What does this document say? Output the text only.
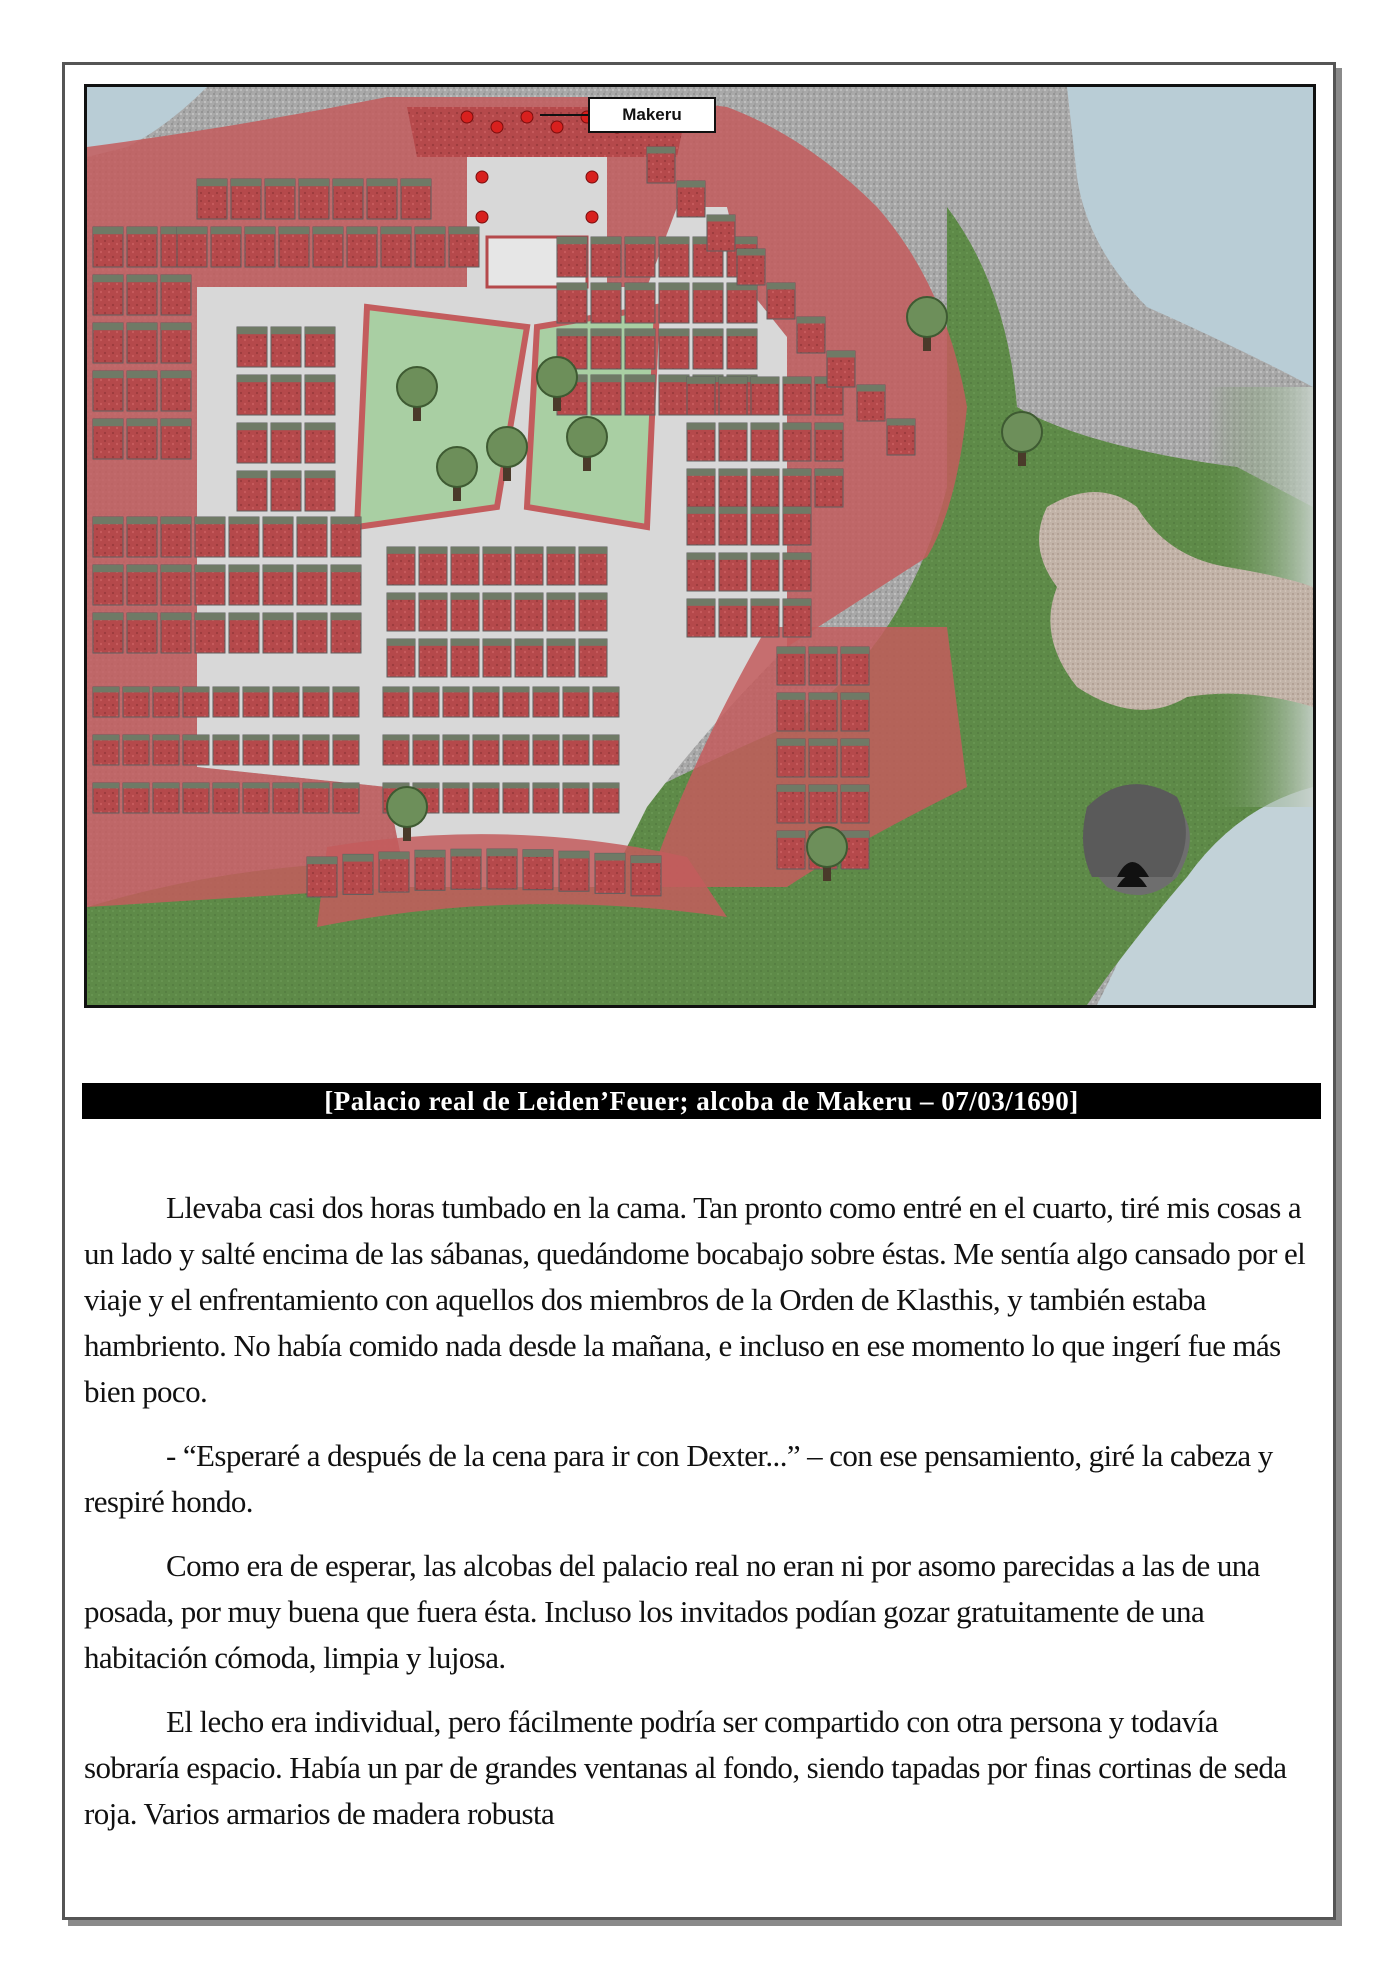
Makeru
[Palacio real de Leiden’Feuer; alcoba de Makeru – 07/03/1690]

Llevaba casi dos horas tumbado en la cama. Tan pronto como entré en el cuarto, tiré mis cosas a un lado y salté encima de las sábanas, quedándome bocabajo sobre éstas. Me sentía algo cansado por el viaje y el enfrentamiento con aquellos dos miembros de la Orden de Klasthis, y también estaba hambriento. No había comido nada desde la mañana, e incluso en ese momento lo que ingerí fue más bien poco.

- “Esperaré a después de la cena para ir con Dexter...” – con ese pensamiento, giré la cabeza y respiré hondo.

Como era de esperar, las alcobas del palacio real no eran ni por asomo parecidas a las de una posada, por muy buena que fuera ésta. Incluso los invitados podían gozar gratuitamente de una habitación cómoda, limpia y lujosa.

El lecho era individual, pero fácilmente podría ser compartido con otra persona y todavía sobraría espacio. Había un par de grandes ventanas al fondo, siendo tapadas por finas cortinas de seda roja. Varios armarios de madera robusta
